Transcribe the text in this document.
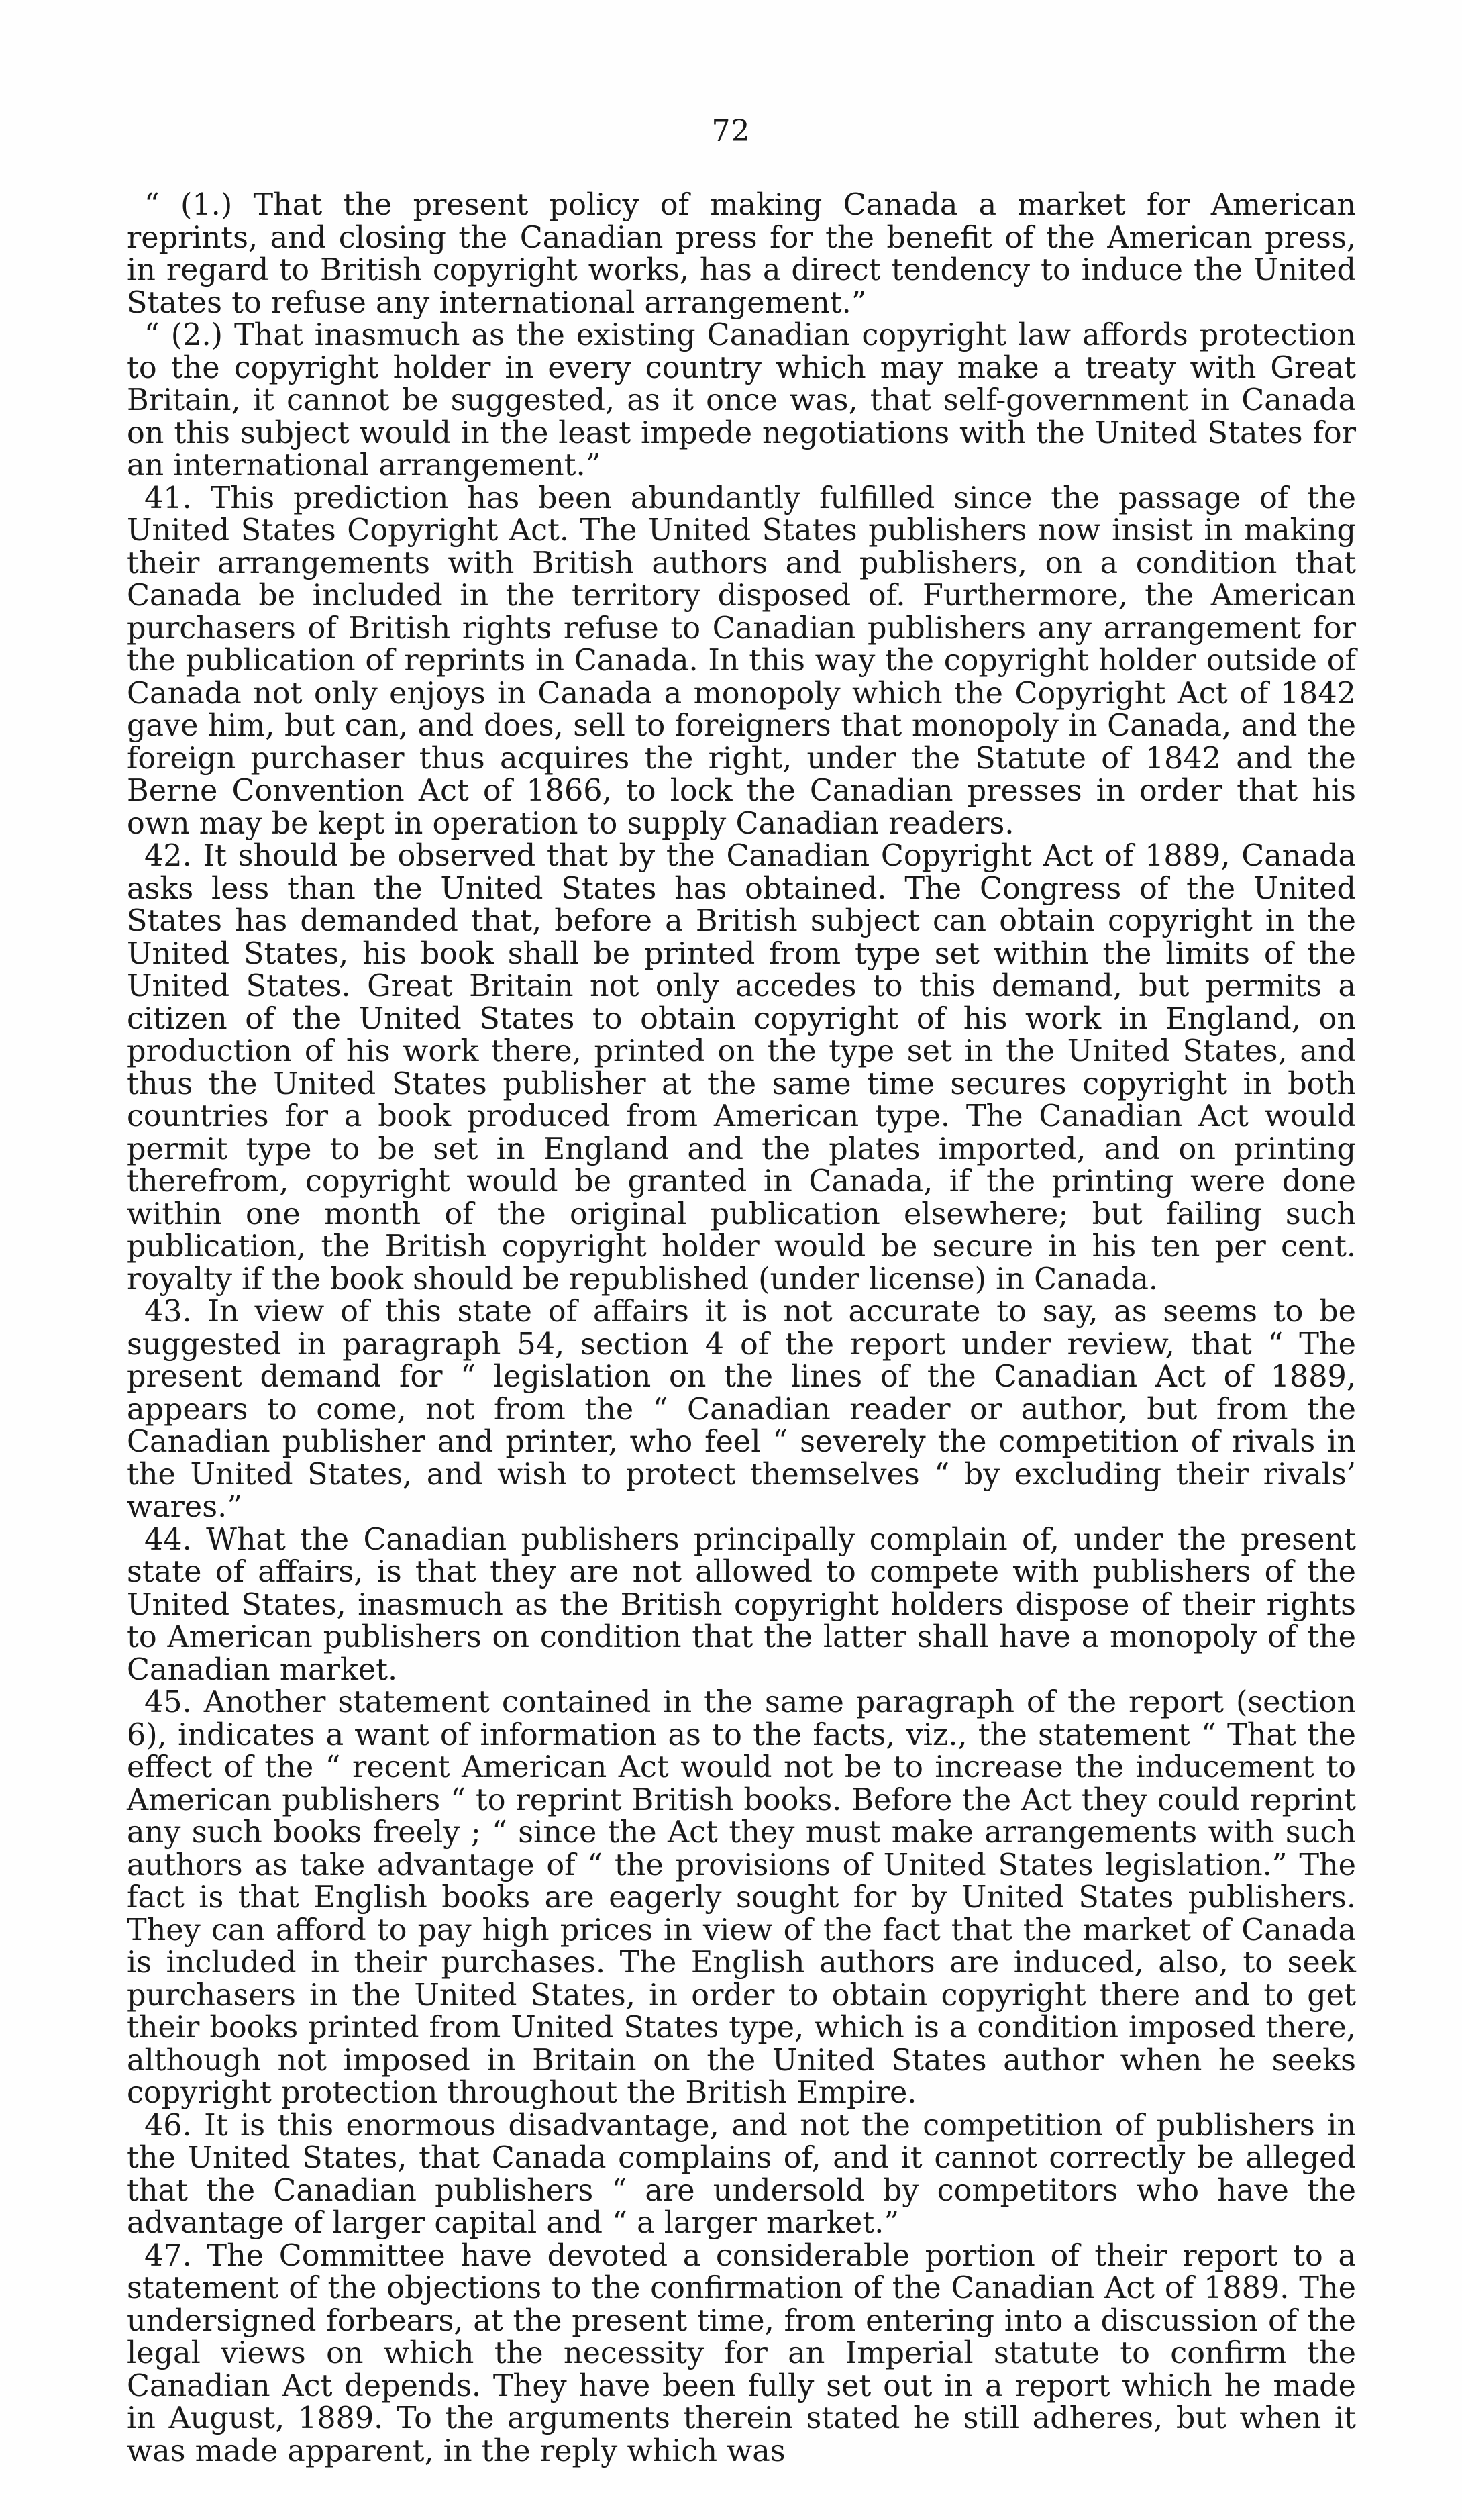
72

“ (1.) That the present policy of making Canada a market for American reprints, and closing the Canadian press for the benefit of the American press, in regard to British copyright works, has a direct tendency to induce the United States to refuse any international arrangement.”

“ (2.) That inasmuch as the existing Canadian copyright law affords protection to the copyright holder in every country which may make a treaty with Great Britain, it cannot be suggested, as it once was, that self-government in Canada on this subject would in the least impede negotiations with the United States for an international arrangement.”

41. This prediction has been abundantly fulfilled since the passage of the United States Copyright Act. The United States publishers now insist in making their arrangements with British authors and publishers, on a condition that Canada be included in the territory disposed of. Furthermore, the American purchasers of British rights refuse to Canadian publishers any arrangement for the publication of reprints in Canada. In this way the copyright holder outside of Canada not only enjoys in Canada a monopoly which the Copyright Act of 1842 gave him, but can, and does, sell to foreigners that monopoly in Canada, and the foreign purchaser thus acquires the right, under the Statute of 1842 and the Berne Convention Act of 1866, to lock the Canadian presses in order that his own may be kept in operation to supply Canadian readers.

42. It should be observed that by the Canadian Copyright Act of 1889, Canada asks less than the United States has obtained. The Congress of the United States has demanded that, before a British subject can obtain copyright in the United States, his book shall be printed from type set within the limits of the United States. Great Britain not only accedes to this demand, but permits a citizen of the United States to obtain copyright of his work in England, on production of his work there, printed on the type set in the United States, and thus the United States publisher at the same time secures copyright in both countries for a book produced from American type. The Canadian Act would permit type to be set in England and the plates imported, and on printing therefrom, copyright would be granted in Canada, if the printing were done within one month of the original publication elsewhere; but failing such publication, the British copyright holder would be secure in his ten per cent. royalty if the book should be republished (under license) in Canada.

43. In view of this state of affairs it is not accurate to say, as seems to be suggested in paragraph 54, section 4 of the report under review, that “ The present demand for “ legislation on the lines of the Canadian Act of 1889, appears to come, not from the “ Canadian reader or author, but from the Canadian publisher and printer, who feel “ severely the competition of rivals in the United States, and wish to protect themselves “ by excluding their rivals’ wares.”

44. What the Canadian publishers principally complain of, under the present state of affairs, is that they are not allowed to compete with publishers of the United States, inasmuch as the British copyright holders dispose of their rights to American publishers on condition that the latter shall have a monopoly of the Canadian market.

45. Another statement contained in the same paragraph of the report (section 6), indicates a want of information as to the facts, viz., the statement “ That the effect of the “ recent American Act would not be to increase the inducement to American publishers “ to reprint British books. Before the Act they could reprint any such books freely ; “ since the Act they must make arrangements with such authors as take advantage of “ the provisions of United States legislation.” The fact is that English books are eagerly sought for by United States publishers. They can afford to pay high prices in view of the fact that the market of Canada is included in their purchases. The English authors are induced, also, to seek purchasers in the United States, in order to obtain copyright there and to get their books printed from United States type, which is a condition imposed there, although not imposed in Britain on the United States author when he seeks copyright protection throughout the British Empire.

46. It is this enormous disadvantage, and not the competition of publishers in the United States, that Canada complains of, and it cannot correctly be alleged that the Canadian publishers “ are undersold by competitors who have the advantage of larger capital and “ a larger market.”

47. The Committee have devoted a considerable portion of their report to a statement of the objections to the confirmation of the Canadian Act of 1889. The undersigned forbears, at the present time, from entering into a discussion of the legal views on which the necessity for an Imperial statute to confirm the Canadian Act depends. They have been fully set out in a report which he made in August, 1889. To the arguments therein stated he still adheres, but when it was made apparent, in the reply which was
